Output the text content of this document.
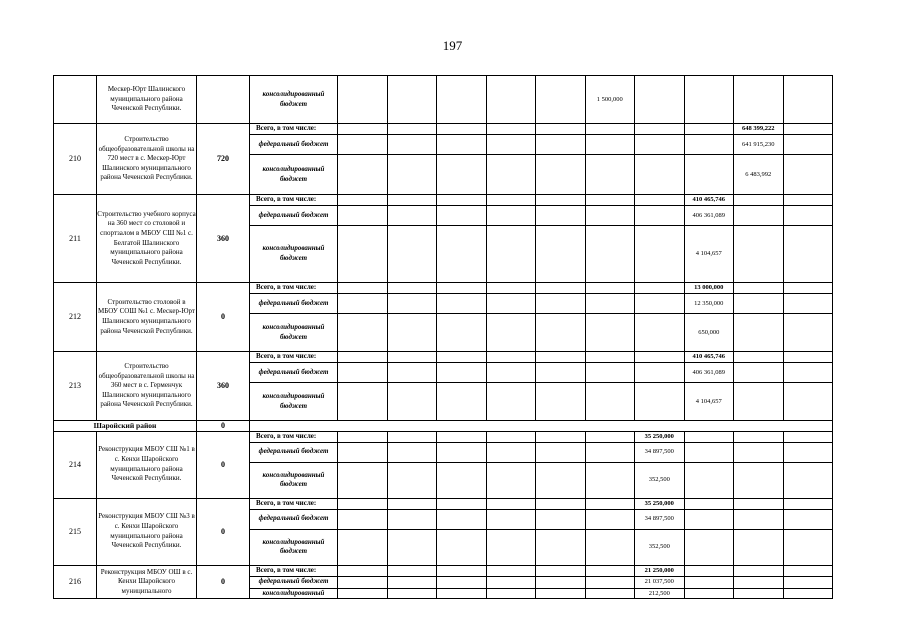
197
	Мескер-Юрт Шалинского муниципального района Чеченской Республики.		консолидированный бюджет						1 500,000				
210	Строительство общеобразовательной школы на 720 мест в с. Мескер-Юрт Шалинского муниципального района Чеченской Республики.	720	Всего, в том числе:									648 399,222	
			федеральный бюджет									641 915,230	
			консолидированный бюджет									6 483,992	
211	Строительство учебного корпуса на 360 мест со столовой и спортзалом в МБОУ СШ №1 с. Белгатой Шалинского муниципального района Чеченской Республики.	360	Всего, в том числе:								410 465,746		
			федеральный бюджет								406 361,089		
			консолидированный бюджет								4 104,657		
212	Строительство столовой в МБОУ СОШ №1 с. Мескер-Юрт Шалинского муниципального района Чеченской Республики.	0	Всего, в том числе:								13 000,000		
			федеральный бюджет								12 350,000		
			консолидированный бюджет								650,000		
213	Строительство общеобразовательной школы на 360 мест в с. Герменчук Шалинского муниципального района Чеченской Республики.	360	Всего, в том числе:								410 465,746		
			федеральный бюджет								406 361,089		
			консолидированный бюджет								4 104,657		
Шаройский район		0											
214	Реконструкция МБОУ СШ №1 в с. Кенхи Шаройского муниципального района Чеченской Республики.	0	Всего, в том числе:							35 250,000			
			федеральный бюджет							34 897,500			
			консолидированный бюджет							352,500			
215	Реконструкция МБОУ СШ №3 в с. Кенхи Шаройского муниципального района Чеченской Республики.	0	Всего, в том числе:							35 250,000			
			федеральный бюджет							34 897,500			
			консолидированный бюджет							352,500			
216	Реконструкция МБОУ ОШ в с. Кенхи Шаройского муниципального	0	Всего, в том числе:							21 250,000			
			федеральный бюджет							21 037,500			
			консолидированный							212,500			
